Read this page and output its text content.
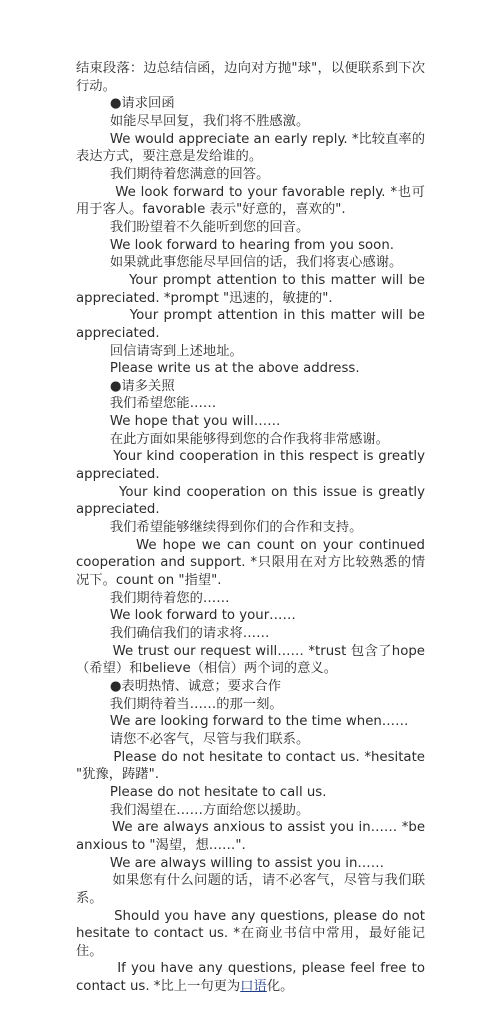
结束段落：边总结信函，边向对方抛"球"，以便联系到下次行动。

●请求回函

如能尽早回复，我们将不胜感激。

We would appreciate an early reply. *比较直率的表达方式，要注意是发给谁的。

我们期待着您满意的回答。

We look forward to your favorable reply. *也可用于客人。favorable 表示"好意的，喜欢的".

我们盼望着不久能听到您的回音。

We look forward to hearing from you soon.

如果就此事您能尽早回信的话，我们将衷心感谢。

Your prompt attention to this matter will be appreciated. *prompt "迅速的，敏捷的".

Your prompt attention in this matter will be appreciated.

回信请寄到上述地址。

Please write us at the above address.

●请多关照

我们希望您能……

We hope that you will……

在此方面如果能够得到您的合作我将非常感谢。

Your kind cooperation in this respect is greatly appreciated.

Your kind cooperation on this issue is greatly appreciated.

我们希望能够继续得到你们的合作和支持。

We hope we can count on your continued cooperation and support. *只限用在对方比较熟悉的情况下。count on "指望".

我们期待着您的……

We look forward to your……

我们确信我们的请求将……

We trust our request will…… *trust 包含了hope（希望）和believe（相信）两个词的意义。

●表明热情、诚意；要求合作

我们期待着当……的那一刻。

We are looking forward to the time when……

请您不必客气，尽管与我们联系。

Please do not hesitate to contact us. *hesitate "犹豫，踌躇".

Please do not hesitate to call us.

我们渴望在……方面给您以援助。

We are always anxious to assist you in…… *be anxious to "渴望，想……".

We are always willing to assist you in……

如果您有什么问题的话，请不必客气，尽管与我们联系。

Should you have any questions, please do not hesitate to contact us. *在商业书信中常用，最好能记住。

If you have any questions, please feel free to contact us. *比上一句更为口语化。
